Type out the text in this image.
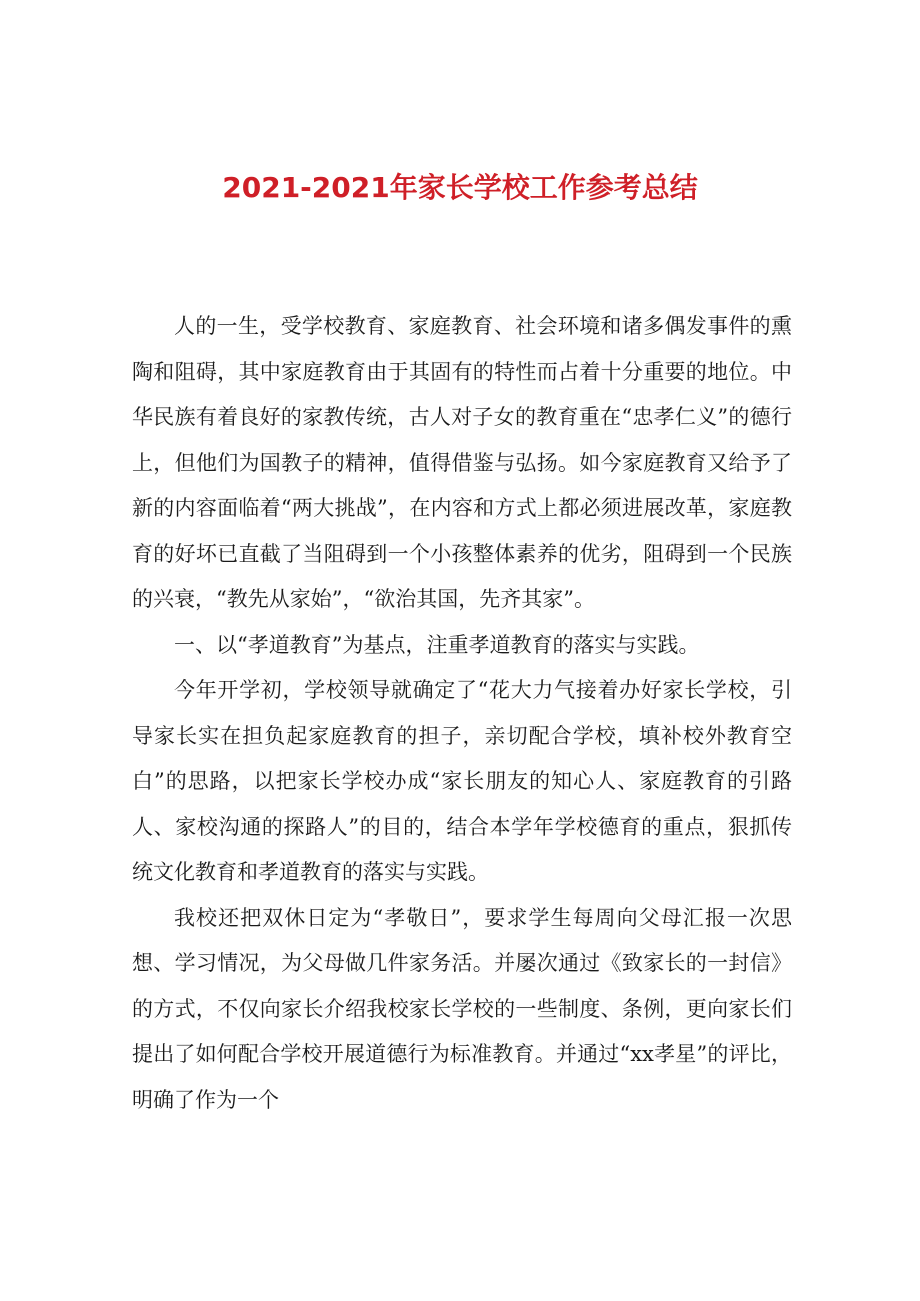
2021-2021年家长学校工作参考总结

人的一生，受学校教育、家庭教育、社会环境和诸多偶发事件的熏陶和阻碍，其中家庭教育由于其固有的特性而占着十分重要的地位。中华民族有着良好的家教传统，古人对子女的教育重在“忠孝仁义”的德行上，但他们为国教子的精神，值得借鉴与弘扬。如今家庭教育又给予了新的内容面临着“两大挑战”，在内容和方式上都必须进展改革，家庭教育的好坏已直截了当阻碍到一个小孩整体素养的优劣，阻碍到一个民族的兴衰，“教先从家始”，“欲治其国，先齐其家”。

一、以“孝道教育”为基点，注重孝道教育的落实与实践。

今年开学初，学校领导就确定了“花大力气接着办好家长学校，引导家长实在担负起家庭教育的担子，亲切配合学校，填补校外教育空白”的思路，以把家长学校办成“家长朋友的知心人、家庭教育的引路人、家校沟通的探路人”的目的，结合本学年学校德育的重点，狠抓传统文化教育和孝道教育的落实与实践。

我校还把双休日定为“孝敬日”，要求学生每周向父母汇报一次思想、学习情况，为父母做几件家务活。并屡次通过《致家长的一封信》的方式，不仅向家长介绍我校家长学校的一些制度、条例，更向家长们提出了如何配合学校开展道德行为标准教育。并通过“xx孝星”的评比，明确了作为一个
